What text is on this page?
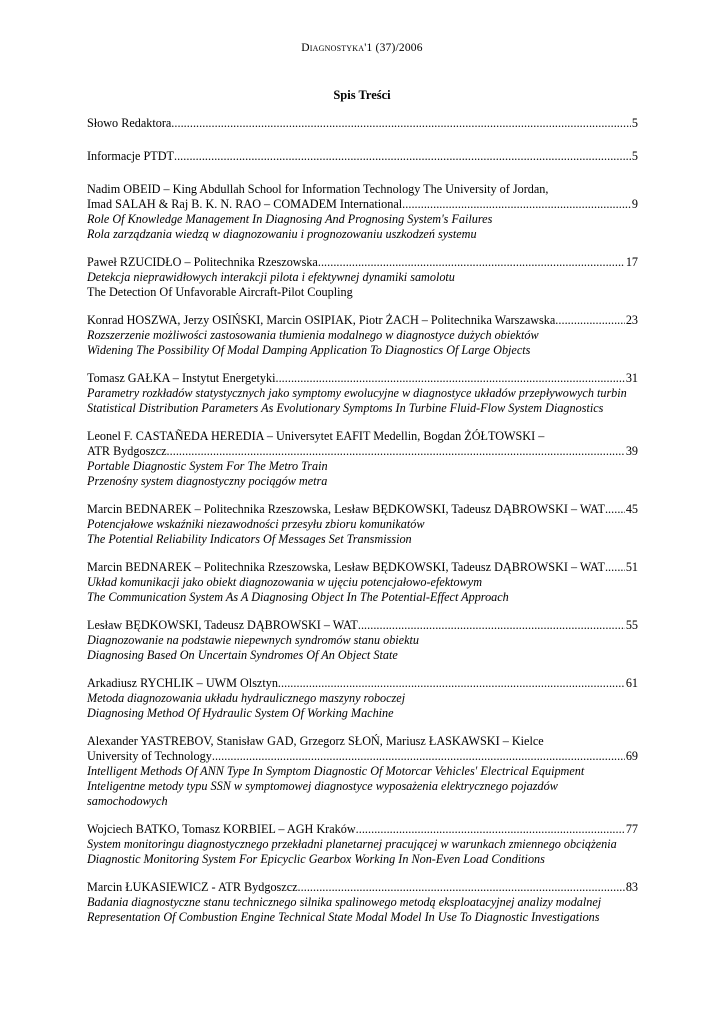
Diagnostyka'1 (37)/2006
Spis Treści
Słowo Redaktora . . .	5
Informacje PTDT . . .	5
Nadim OBEID – King Abdullah School for Information Technology The University of Jordan,
Imad SALAH & Raj B. K. N. RAO – COMADEM International . . .	9
Role Of Knowledge Management In Diagnosing And Prognosing System's Failures
Rola zarządzania wiedzą w diagnozowaniu i prognozowaniu uszkodzeń systemu
Paweł RZUCIDŁO – Politechnika Rzeszowska . . .	17
Detekcja nieprawidłowych interakcji pilota i efektywnej dynamiki samolotu
The Detection Of Unfavorable Aircraft-Pilot Coupling
Konrad HOSZWA, Jerzy OSIŃSKI, Marcin OSIPIAK, Piotr ŻACH – Politechnika Warszawska . . .	23
Rozszerzenie możliwości zastosowania tłumienia modalnego w diagnostyce dużych obiektów
Widening The Possibility Of Modal Damping Application To Diagnostics Of Large Objects
Tomasz GAŁKA – Instytut Energetyki . . .	31
Parametry rozkładów statystycznych jako symptomy ewolucyjne w diagnostyce układów przepływowych turbin
Statistical Distribution Parameters As Evolutionary Symptoms In Turbine Fluid-Flow System Diagnostics
Leonel F. CASTAÑEDA HEREDIA – Universytet EAFIT Medellin, Bogdan ŻÓŁTOWSKI –
ATR Bydgoszcz . . .	39
Portable Diagnostic System For The Metro Train
Przenośny system diagnostyczny pociągów metra
Marcin BEDNAREK – Politechnika Rzeszowska, Lesław BĘDKOWSKI, Tadeusz DĄBROWSKI – WAT . . . 45
Potencjałowe wskaźniki niezawodności przesyłu zbioru komunikatów
The Potential Reliability Indicators Of Messages Set Transmission
Marcin BEDNAREK – Politechnika Rzeszowska, Lesław BĘDKOWSKI, Tadeusz DĄBROWSKI – WAT . . . 51
Układ komunikacji jako obiekt diagnozowania w ujęciu potencjałowo-efektowym
The Communication System As A Diagnosing Object In The Potential-Effect Approach
Lesław BĘDKOWSKI, Tadeusz DĄBROWSKI – WAT . . .	55
Diagnozowanie na podstawie niepewnych syndromów stanu obiektu
Diagnosing Based On Uncertain Syndromes Of An Object State
Arkadiusz RYCHLIK – UWM Olsztyn . . .	61
Metoda diagnozowania układu hydraulicznego maszyny roboczej
Diagnosing Method Of Hydraulic System Of Working Machine
Alexander YASTREBOV, Stanisław GAD, Grzegorz SŁOŃ, Mariusz ŁASKAWSKI – Kielce
University of Technology . . .	69
Intelligent Methods Of ANN Type In Symptom Diagnostic Of Motorcar Vehicles' Electrical Equipment
Inteligentne metody typu SSN w symptomowej diagnostyce wyposażenia elektrycznego pojazdów samochodowych
Wojciech BATKO, Tomasz KORBIEL – AGH Kraków . . .	77
System monitoringu diagnostycznego przekładni planetarnej pracującej w warunkach zmiennego obciążenia
Diagnostic Monitoring System For Epicyclic Gearbox Working In Non-Even Load Conditions
Marcin ŁUKASIEWICZ - ATR Bydgoszcz . . .	83
Badania diagnostyczne stanu technicznego silnika spalinowego metodą eksploatacyjnej analizy modalnej
Representation Of Combustion Engine Technical State Modal Model In Use To Diagnostic Investigations
